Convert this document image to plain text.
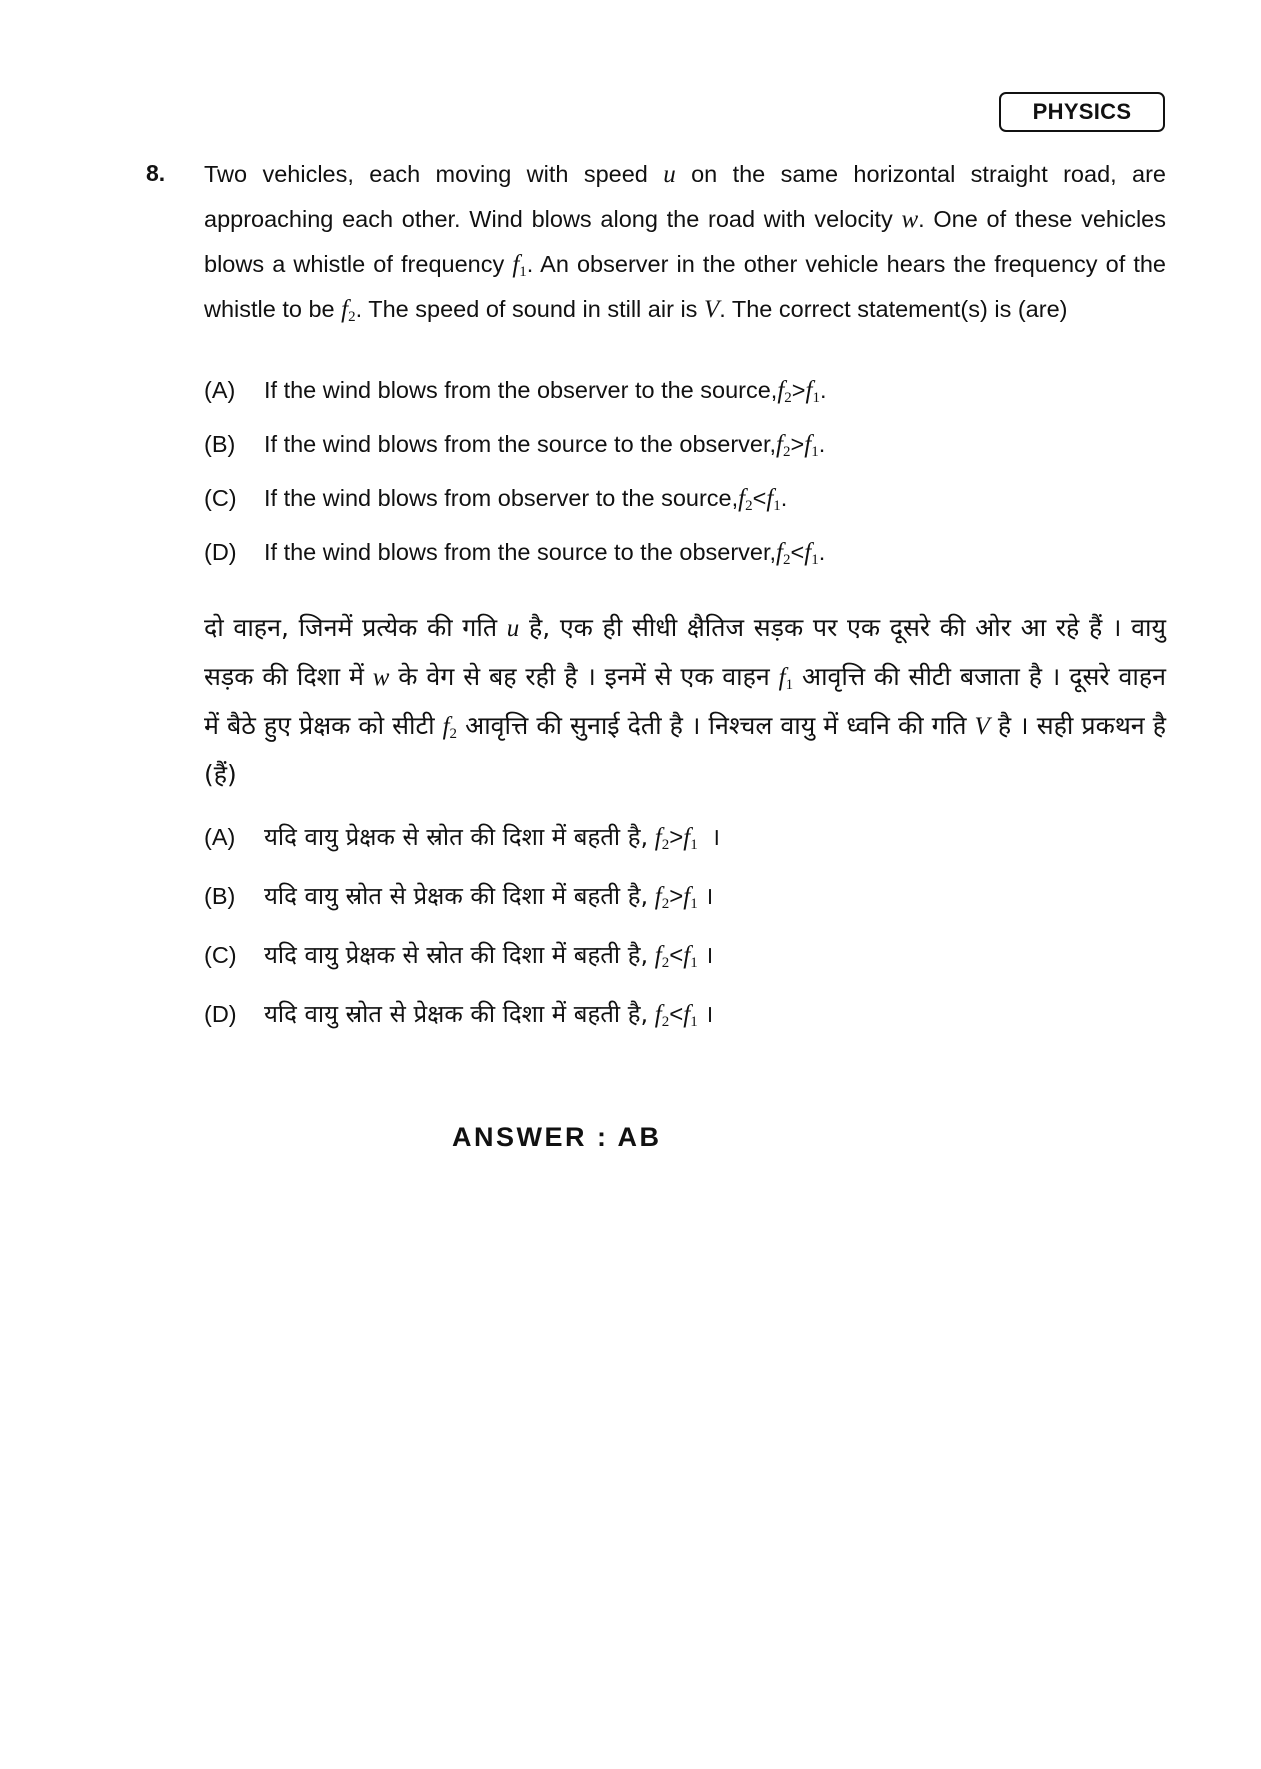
PHYSICS
8. Two vehicles, each moving with speed u on the same horizontal straight road, are approaching each other. Wind blows along the road with velocity w. One of these vehicles blows a whistle of frequency $f_1$. An observer in the other vehicle hears the frequency of the whistle to be $f_2$. The speed of sound in still air is V. The correct statement(s) is (are)
(A) If the wind blows from the observer to the $source,f_2>f_1$.
(B) If the wind blows from the source to the $observer,f_2>f_1$.
(C) If the wind blows from observer to the $source,f_2<f_1$.
(D) If the wind blows from the source to the $observer,f_2<f_1$.
दो वाहन, जिनमें प्रत्येक की गति u है, एक ही सीधी क्षैतिज सड़क पर एक दूसरे की ओर आ रहे हैं । वायु सड़क की दिशा में w के वेग से बह रही है । इनमें से एक वाहन $f_1$ आवृत्ति की सीटी बजाता है । दूसरे वाहन में बैठे हुए प्रेक्षक को सीटी $f_2$ आवृत्ति की सुनाई देती है । निश्चल वायु में ध्वनि की गति V है । सही प्रकथन है (हैं)
(A) यदि वायु प्रेक्षक से स्रोत की दिशा में बहती है, $f_2>f_1$ ।
(B) यदि वायु स्रोत से प्रेक्षक की दिशा में बहती है, $f_2>f_1$ ।
(C) यदि वायु प्रेक्षक से स्रोत की दिशा में बहती है, $f_2<f_1$ ।
(D) यदि वायु स्रोत से प्रेक्षक की दिशा में बहती है, $f_2<f_1$ ।
ANSWER : AB
